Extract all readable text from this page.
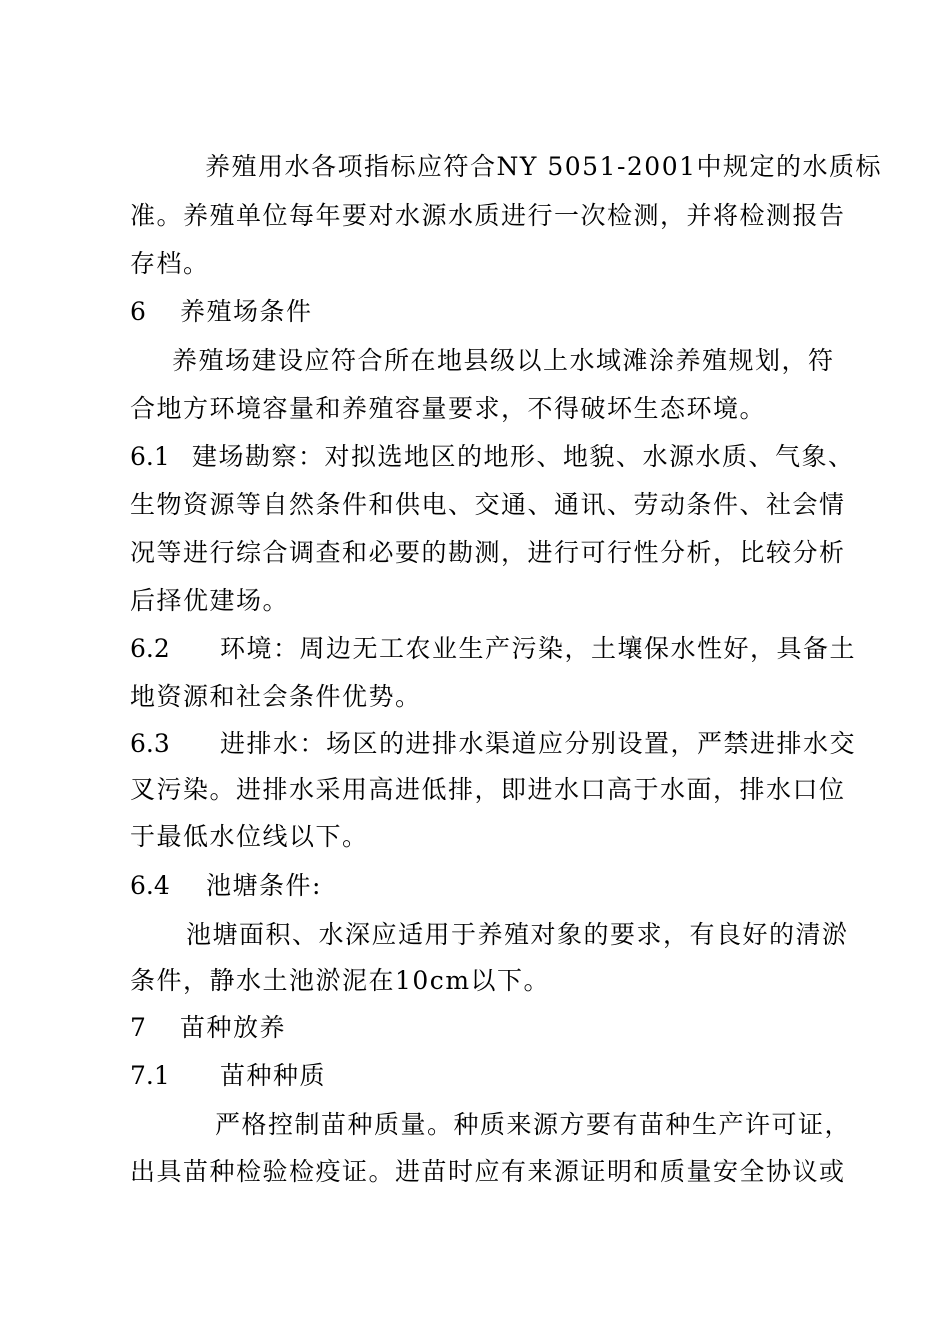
养殖用水各项指标应符合NY 5051-2001中规定的水质标
准。养殖单位每年要对水源水质进行一次检测，并将检测报告
存档。
6 养殖场条件
养殖场建设应符合所在地县级以上水域滩涂养殖规划，符
合地方环境容量和养殖容量要求，不得破坏生态环境。
6.1 建场勘察：对拟选地区的地形、地貌、水源水质、气象、
生物资源等自然条件和供电、交通、通讯、劳动条件、社会情
况等进行综合调查和必要的勘测，进行可行性分析，比较分析
后择优建场。
6.2 环境：周边无工农业生产污染，土壤保水性好，具备土
地资源和社会条件优势。
6.3 进排水：场区的进排水渠道应分别设置，严禁进排水交
叉污染。进排水采用高进低排，即进水口高于水面，排水口位
于最低水位线以下。
6.4 池塘条件:
池塘面积、水深应适用于养殖对象的要求，有良好的清淤
条件，静水土池淤泥在10cm以下。
7 苗种放养
7.1 苗种种质
严格控制苗种质量。种质来源方要有苗种生产许可证，
出具苗种检验检疫证。进苗时应有来源证明和质量安全协议或
